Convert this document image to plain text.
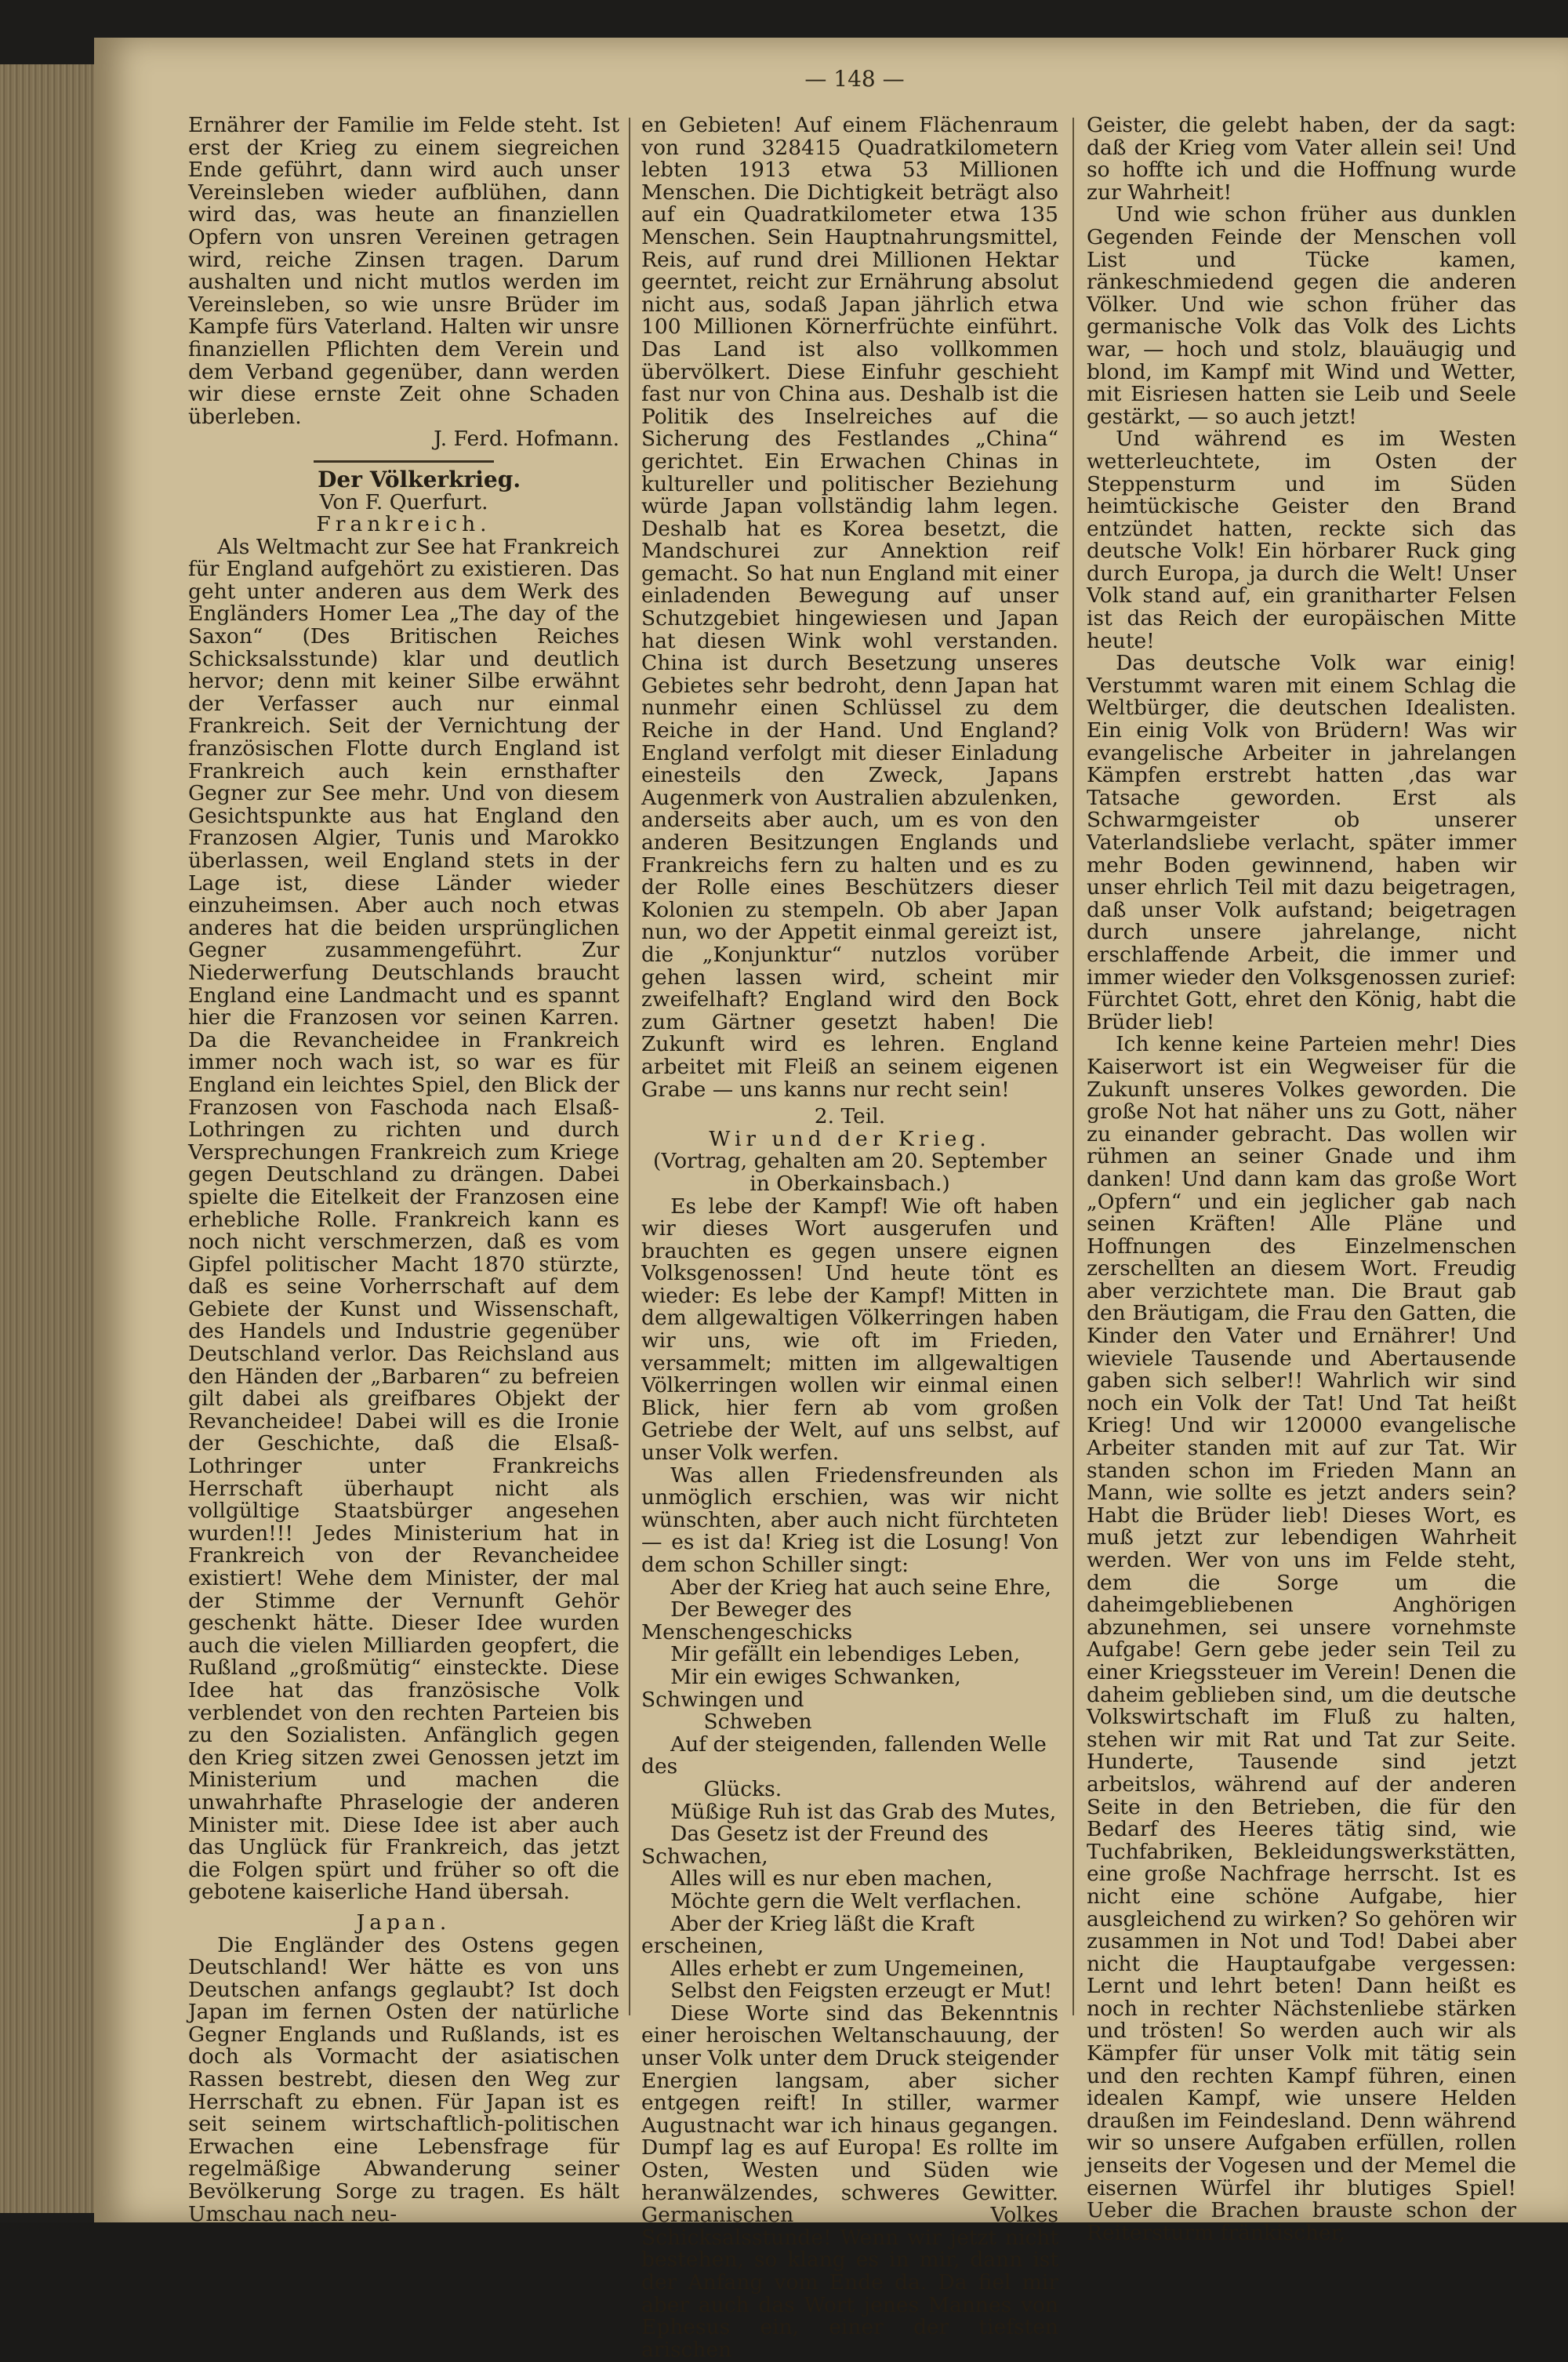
— 148 —

Ernährer der Familie im Felde steht. Ist erst der Krieg zu einem siegreichen Ende geführt, dann wird auch unser Vereinsleben wieder aufblühen, dann wird das, was heute an finanziellen Opfern von unsren Vereinen getragen wird, reiche Zinsen tragen. Darum aushalten und nicht mutlos werden im Vereinsleben, so wie unsre Brüder im Kampfe fürs Vaterland. Halten wir unsre finanziellen Pflichten dem Verein und dem Verband gegenüber, dann werden wir diese ernste Zeit ohne Schaden überleben.

J. Ferd. Hofmann.

Der Völkerkrieg.

Von F. Querfurt.

Frankreich.

Als Weltmacht zur See hat Frankreich für England aufgehört zu existieren. Das geht unter anderen aus dem Werk des Engländers Homer Lea „The day of the Saxon“ (Des Britischen Reiches Schicksalsstunde) klar und deutlich hervor; denn mit keiner Silbe erwähnt der Verfasser auch nur einmal Frankreich. Seit der Vernichtung der französischen Flotte durch England ist Frankreich auch kein ernsthafter Gegner zur See mehr. Und von diesem Gesichtspunkte aus hat England den Franzosen Algier, Tunis und Marokko überlassen, weil England stets in der Lage ist, diese Länder wieder einzuheimsen. Aber auch noch etwas anderes hat die beiden ursprünglichen Gegner zusammengeführt. Zur Niederwerfung Deutschlands braucht England eine Landmacht und es spannt hier die Franzosen vor seinen Karren. Da die Revancheidee in Frankreich immer noch wach ist, so war es für England ein leichtes Spiel, den Blick der Franzosen von Faschoda nach Elsaß-Lothringen zu richten und durch Versprechungen Frankreich zum Kriege gegen Deutschland zu drängen. Dabei spielte die Eitelkeit der Franzosen eine erhebliche Rolle. Frankreich kann es noch nicht verschmerzen, daß es vom Gipfel politischer Macht 1870 stürzte, daß es seine Vorherrschaft auf dem Gebiete der Kunst und Wissenschaft, des Handels und Industrie gegenüber Deutschland verlor. Das Reichsland aus den Händen der „Barbaren“ zu befreien gilt dabei als greifbares Objekt der Revancheidee! Dabei will es die Ironie der Geschichte, daß die Elsaß-Lothringer unter Frankreichs Herrschaft überhaupt nicht als vollgültige Staatsbürger angesehen wurden!!! Jedes Ministerium hat in Frankreich von der Revancheidee existiert! Wehe dem Minister, der mal der Stimme der Vernunft Gehör geschenkt hätte. Dieser Idee wurden auch die vielen Milliarden geopfert, die Rußland „großmütig“ einsteckte. Diese Idee hat das französische Volk verblendet von den rechten Parteien bis zu den Sozialisten. Anfänglich gegen den Krieg sitzen zwei Genossen jetzt im Ministerium und machen die unwahrhafte Phraselogie der anderen Minister mit. Diese Idee ist aber auch das Unglück für Frankreich, das jetzt die Folgen spürt und früher so oft die gebotene kaiserliche Hand übersah.

Japan.

Die Engländer des Ostens gegen Deutschland! Wer hätte es von uns Deutschen anfangs geglaubt? Ist doch Japan im fernen Osten der natürliche Gegner Englands und Rußlands, ist es doch als Vormacht der asiatischen Rassen bestrebt, diesen den Weg zur Herrschaft zu ebnen. Für Japan ist es seit seinem wirtschaftlich-politischen Erwachen eine Lebensfrage für regelmäßige Abwanderung seiner Bevölkerung Sorge zu tragen. Es hält Umschau nach neu-

en Gebieten! Auf einem Flächenraum von rund 328415 Quadratkilometern lebten 1913 etwa 53 Millionen Menschen. Die Dichtigkeit beträgt also auf ein Quadratkilometer etwa 135 Menschen. Sein Hauptnahrungsmittel, Reis, auf rund drei Millionen Hektar geerntet, reicht zur Ernährung absolut nicht aus, sodaß Japan jährlich etwa 100 Millionen Körnerfrüchte einführt. Das Land ist also vollkommen übervölkert. Diese Einfuhr geschieht fast nur von China aus. Deshalb ist die Politik des Inselreiches auf die Sicherung des Festlandes „China“ gerichtet. Ein Erwachen Chinas in kultureller und politischer Beziehung würde Japan vollständig lahm legen. Deshalb hat es Korea besetzt, die Mandschurei zur Annektion reif gemacht. So hat nun England mit einer einladenden Bewegung auf unser Schutzgebiet hingewiesen und Japan hat diesen Wink wohl verstanden. China ist durch Besetzung unseres Gebietes sehr bedroht, denn Japan hat nunmehr einen Schlüssel zu dem Reiche in der Hand. Und England? England verfolgt mit dieser Einladung einesteils den Zweck, Japans Augenmerk von Australien abzulenken, anderseits aber auch, um es von den anderen Besitzungen Englands und Frankreichs fern zu halten und es zu der Rolle eines Beschützers dieser Kolonien zu stempeln. Ob aber Japan nun, wo der Appetit einmal gereizt ist, die „Konjunktur“ nutzlos vorüber gehen lassen wird, scheint mir zweifelhaft? England wird den Bock zum Gärtner gesetzt haben! Die Zukunft wird es lehren. England arbeitet mit Fleiß an seinem eigenen Grabe — uns kanns nur recht sein!

2. Teil.

Wir und der Krieg.

(Vortrag, gehalten am 20. September in Oberkainsbach.)

Es lebe der Kampf! Wie oft haben wir dieses Wort ausgerufen und brauchten es gegen unsere eignen Volksgenossen! Und heute tönt es wieder: Es lebe der Kampf! Mitten in dem allgewaltigen Völkerringen haben wir uns, wie oft im Frieden, versammelt; mitten im allgewaltigen Völkerringen wollen wir einmal einen Blick, hier fern ab vom großen Getriebe der Welt, auf uns selbst, auf unser Volk werfen.

Was allen Friedensfreunden als unmöglich erschien, was wir nicht wünschten, aber auch nicht fürchteten — es ist da! Krieg ist die Losung! Von dem schon Schiller singt:

Aber der Krieg hat auch seine Ehre,

Der Beweger des Menschengeschicks

Mir gefällt ein lebendiges Leben,

Mir ein ewiges Schwanken, Schwingen und

Schweben

Auf der steigenden, fallenden Welle des

Glücks.

Müßige Ruh ist das Grab des Mutes,

Das Gesetz ist der Freund des Schwachen,

Alles will es nur eben machen,

Möchte gern die Welt verflachen.

Aber der Krieg läßt die Kraft erscheinen,

Alles erhebt er zum Ungemeinen,

Selbst den Feigsten erzeugt er Mut!

Diese Worte sind das Bekenntnis einer heroischen Weltanschauung, der unser Volk unter dem Druck steigender Energien langsam, aber sicher entgegen reift! In stiller, warmer Augustnacht war ich hinaus gegangen. Dumpf lag es auf Europa! Es rollte im Osten, Westen und Süden wie heranwälzendes, schweres Gewitter. Germanischen Volkes Schicksalsstunde! Wenn wir jetzt nicht bestehen, so klang es in mir, dann ist der Anfang vom Ende da. Da fiel mir aber auch das Wort jenes Mannes von Ephesus ein, einer der tiefsten arischen

Geister, die gelebt haben, der da sagt: daß der Krieg vom Vater allein sei! Und so hoffte ich und die Hoffnung wurde zur Wahrheit!

Und wie schon früher aus dunklen Gegenden Feinde der Menschen voll List und Tücke kamen, ränkeschmiedend gegen die anderen Völker. Und wie schon früher das germanische Volk das Volk des Lichts war, — hoch und stolz, blauäugig und blond, im Kampf mit Wind und Wetter, mit Eisriesen hatten sie Leib und Seele gestärkt, — so auch jetzt!

Und während es im Westen wetterleuchtete, im Osten der Steppensturm und im Süden heimtückische Geister den Brand entzündet hatten, reckte sich das deutsche Volk! Ein hörbarer Ruck ging durch Europa, ja durch die Welt! Unser Volk stand auf, ein granitharter Felsen ist das Reich der europäischen Mitte heute!

Das deutsche Volk war einig! Verstummt waren mit einem Schlag die Weltbürger, die deutschen Idealisten. Ein einig Volk von Brüdern! Was wir evangelische Arbeiter in jahrelangen Kämpfen erstrebt hatten ,das war Tatsache geworden. Erst als Schwarmgeister ob unserer Vaterlandsliebe verlacht, später immer mehr Boden gewinnend, haben wir unser ehrlich Teil mit dazu beigetragen, daß unser Volk aufstand; beigetragen durch unsere jahrelange, nicht erschlaffende Arbeit, die immer und immer wieder den Volksgenossen zurief: Fürchtet Gott, ehret den König, habt die Brüder lieb!

Ich kenne keine Parteien mehr! Dies Kaiserwort ist ein Wegweiser für die Zukunft unseres Volkes geworden. Die große Not hat näher uns zu Gott, näher zu einander gebracht. Das wollen wir rühmen an seiner Gnade und ihm danken! Und dann kam das große Wort „Opfern“ und ein jeglicher gab nach seinen Kräften! Alle Pläne und Hoffnungen des Einzelmenschen zerschellten an diesem Wort. Freudig aber verzichtete man. Die Braut gab den Bräutigam, die Frau den Gatten, die Kinder den Vater und Ernährer! Und wieviele Tausende und Abertausende gaben sich selber!! Wahrlich wir sind noch ein Volk der Tat! Und Tat heißt Krieg! Und wir 120000 evangelische Arbeiter standen mit auf zur Tat. Wir standen schon im Frieden Mann an Mann, wie sollte es jetzt anders sein? Habt die Brüder lieb! Dieses Wort, es muß jetzt zur lebendigen Wahrheit werden. Wer von uns im Felde steht, dem die Sorge um die daheimgebliebenen Anghörigen abzunehmen, sei unsere vornehmste Aufgabe! Gern gebe jeder sein Teil zu einer Kriegssteuer im Verein! Denen die daheim geblieben sind, um die deutsche Volkswirtschaft im Fluß zu halten, stehen wir mit Rat und Tat zur Seite. Hunderte, Tausende sind jetzt arbeitslos, während auf der anderen Seite in den Betrieben, die für den Bedarf des Heeres tätig sind, wie Tuchfabriken, Bekleidungswerkstätten, eine große Nachfrage herrscht. Ist es nicht eine schöne Aufgabe, hier ausgleichend zu wirken? So gehören wir zusammen in Not und Tod! Dabei aber nicht die Hauptaufgabe vergessen: Lernt und lehrt beten! Dann heißt es noch in rechter Nächstenliebe stärken und trösten! So werden auch wir als Kämpfer für unser Volk mit tätig sein und den rechten Kampf führen, einen idealen Kampf, wie unsere Helden draußen im Feindesland. Denn während wir so unsere Aufgaben erfüllen, rollen jenseits der Vogesen und der Memel die eisernen Würfel ihr blutiges Spiel! Ueber die Brachen brauste schon der Reitersturm fränkischer,
